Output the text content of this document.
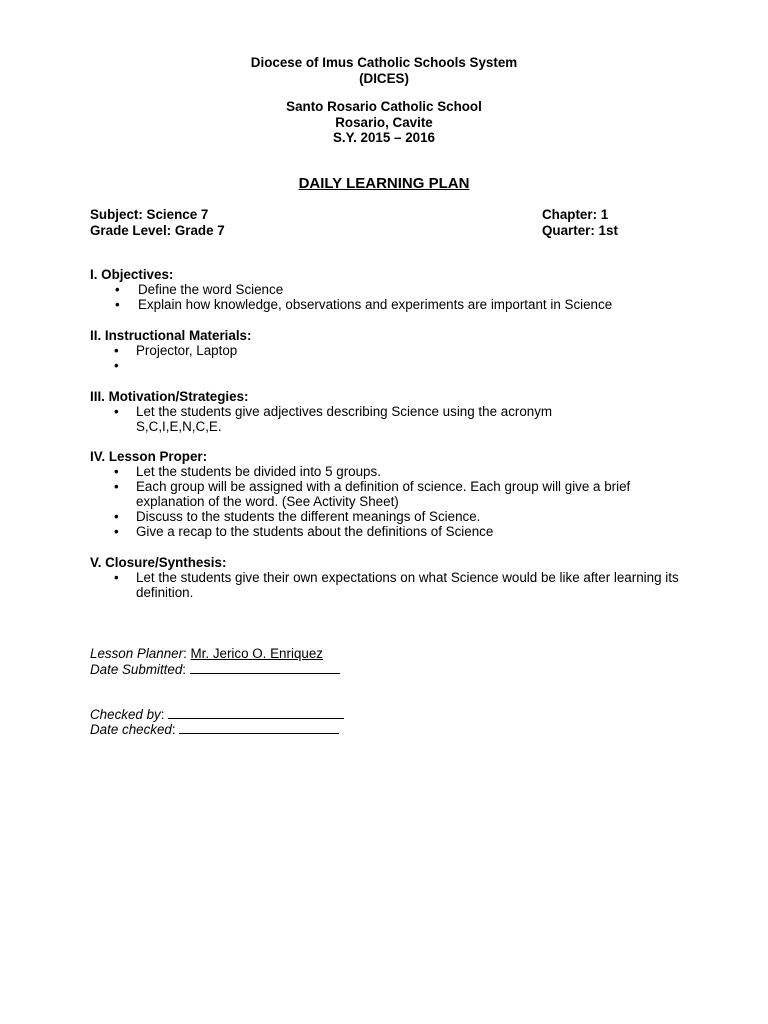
Diocese of Imus Catholic Schools System
(DICES)
Santo Rosario Catholic School
Rosario, Cavite
S.Y. 2015 – 2016
DAILY LEARNING PLAN
Subject: Science 7
Grade Level: Grade 7
Chapter: 1
Quarter: 1st
I. Objectives:
• Define the word Science
• Explain how knowledge, observations and experiments are important in Science
II. Instructional Materials:
• Projector, Laptop
•
III. Motivation/Strategies:
• Let the students give adjectives describing Science using the acronym S,C,I,E,N,C,E.
IV. Lesson Proper:
• Let the students be divided into 5 groups.
• Each group will be assigned with a definition of science. Each group will give a brief explanation of the word. (See Activity Sheet)
• Discuss to the students the different meanings of Science.
• Give a recap to the students about the definitions of Science
V. Closure/Synthesis:
• Let the students give their own expectations on what Science would be like after learning its definition.
Lesson Planner: Mr. Jerico O. Enriquez
Date Submitted:
Checked by:
Date checked:
